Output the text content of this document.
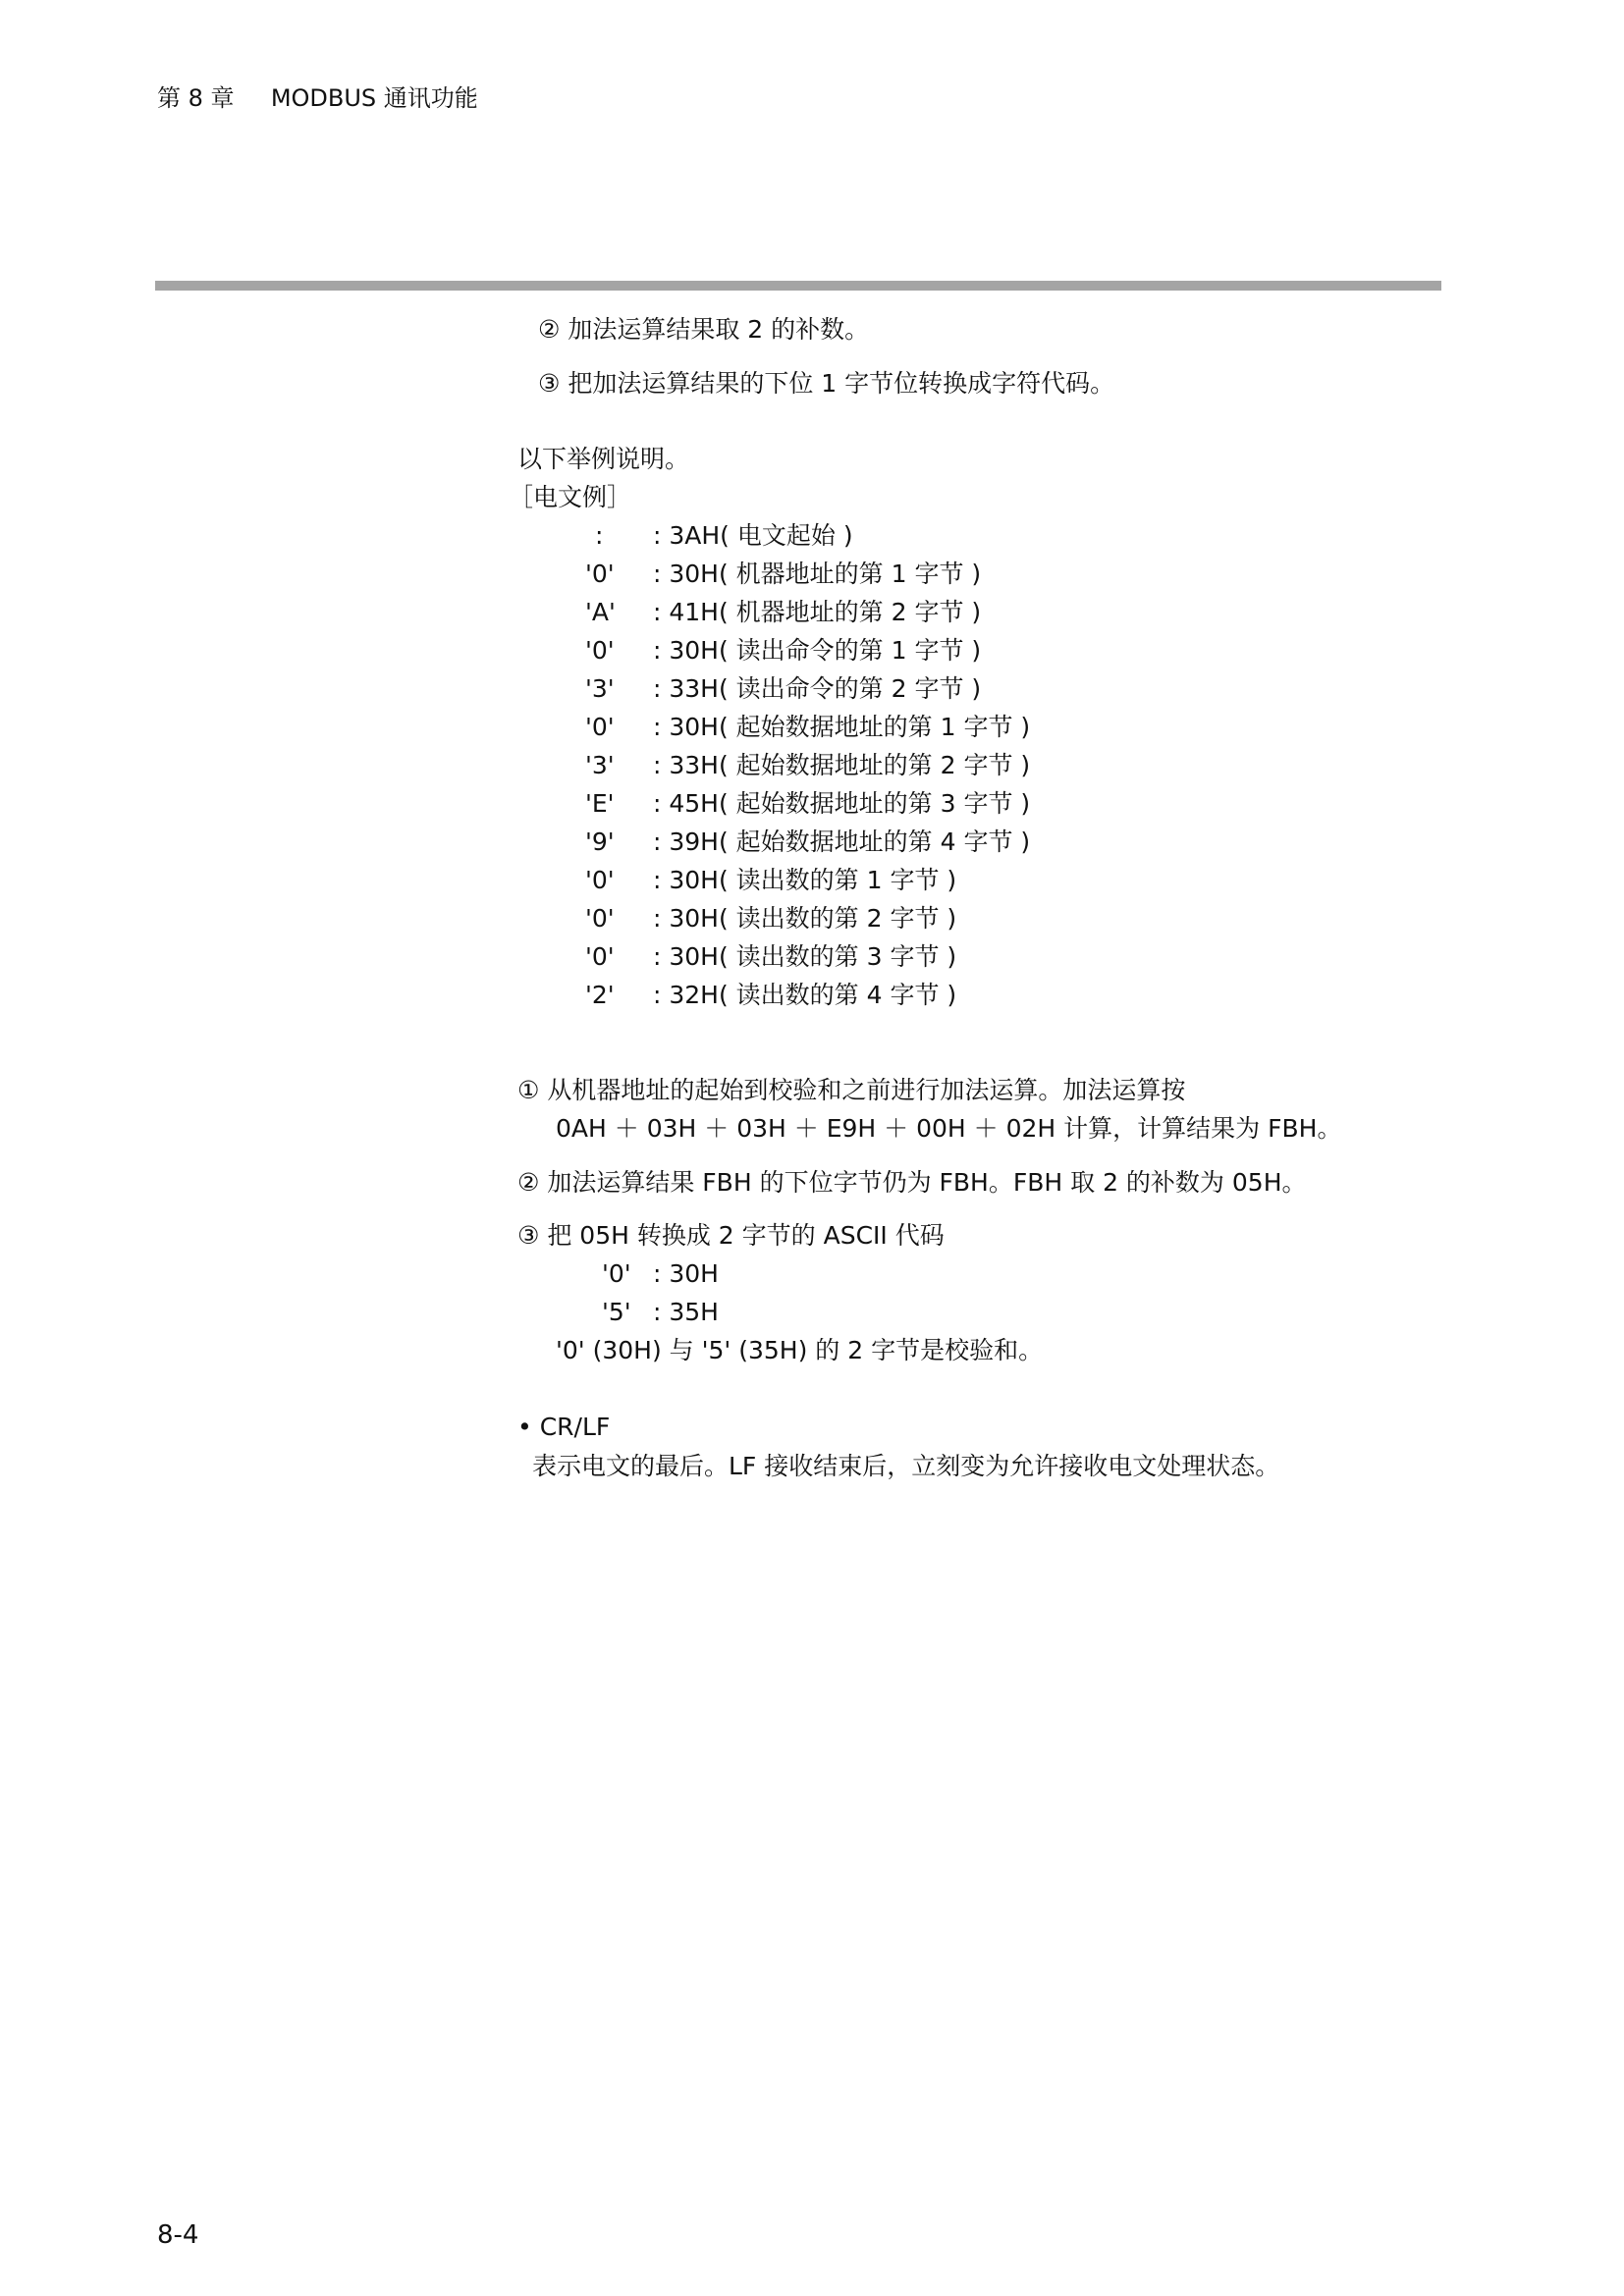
第 8 章 MODBUS 通讯功能
② 加法运算结果取 2 的补数。
③ 把加法运算结果的下位 1 字节位转换成字符代码。
以下举例说明。
［电文例］
: : 3AH( 电文起始 )
'0' : 30H( 机器地址的第 1 字节 )
'A' : 41H( 机器地址的第 2 字节 )
'0' : 30H( 读出命令的第 1 字节 )
'3' : 33H( 读出命令的第 2 字节 )
'0' : 30H( 起始数据地址的第 1 字节 )
'3' : 33H( 起始数据地址的第 2 字节 )
'E' : 45H( 起始数据地址的第 3 字节 )
'9' : 39H( 起始数据地址的第 4 字节 )
'0' : 30H( 读出数的第 1 字节 )
'0' : 30H( 读出数的第 2 字节 )
'0' : 30H( 读出数的第 3 字节 )
'2' : 32H( 读出数的第 4 字节 )
① 从机器地址的起始到校验和之前进行加法运算。加法运算按
0AH ＋ 03H ＋ 03H ＋ E9H ＋ 00H ＋ 02H 计算，计算结果为 FBH。
② 加法运算结果 FBH 的下位字节仍为 FBH。FBH 取 2 的补数为 05H。
③ 把 05H 转换成 2 字节的 ASCII 代码
'0' : 30H
'5' : 35H
'0' (30H) 与 '5' (35H) 的 2 字节是校验和。
• CR/LF
表示电文的最后。LF 接收结束后，立刻变为允许接收电文处理状态。
8-4
